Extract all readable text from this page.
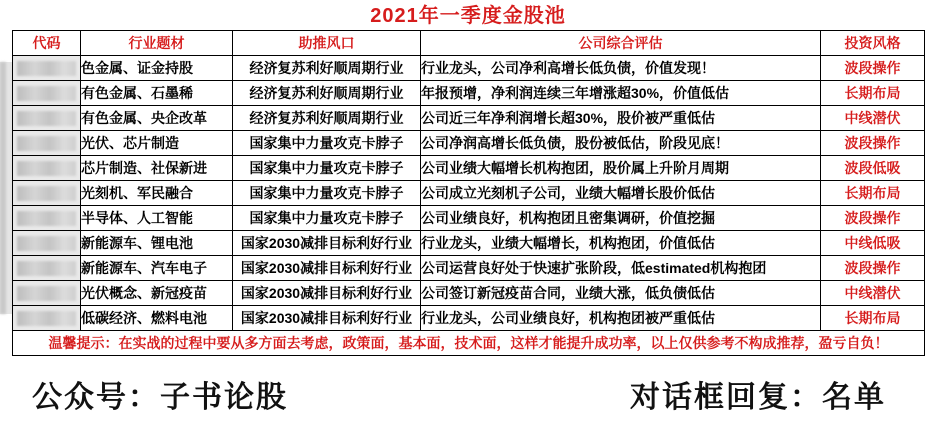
2021年一季度金股池
代码	行业题材	助推风口	公司综合评估	投资风格

	色金属、证金持股	经济复苏利好顺周期行业	行业龙头，公司净利高增长低负债，价值发现！	波段操作

	有色金属、石墨稀	经济复苏利好顺周期行业	年报预增，净利润连续三年增涨超30%，价值低估	长期布局

	有色金属、央企改革	经济复苏利好顺周期行业	公司近三年净利润增长超30%，股价被严重低估	中线潜伏

	光伏、芯片制造	国家集中力量攻克卡脖子	公司净润高增长低负债，股份被低估，阶段见底！	波段操作

	芯片制造、社保新进	国家集中力量攻克卡脖子	公司业绩大幅增长机构抱团，股价属上升阶月周期	波段低吸

	光刻机、军民融合	国家集中力量攻克卡脖子	公司成立光刻机子公司，业绩大幅增长股价低估	长期布局

	半导体、人工智能	国家集中力量攻克卡脖子	公司业绩良好，机构抱团且密集调研，价值挖掘	波段操作

	新能源车、锂电池	国家2030减排目标利好行业	行业龙头，业绩大幅增长，机构抱团，价值低估	中线低吸

	新能源车、汽车电子	国家2030减排目标利好行业	公司运营良好处于快速扩张阶段，低estimated机构抱团	波段操作

	光伏概念、新冠疫苗	国家2030减排目标利好行业	公司签订新冠疫苗合同，业绩大涨，低负债低估	中线潜伏

	低碳经济、燃料电池	国家2030减排目标利好行业	行业龙头，公司业绩良好，机构抱团被严重低估	长期布局
温馨提示：在实战的过程中要从多方面去考虑，政策面，基本面，技术面，这样才能提升成功率，以上仅供参考不构成推荐，盈亏自负！				
公众号：子书论股	对话框回复：名单
